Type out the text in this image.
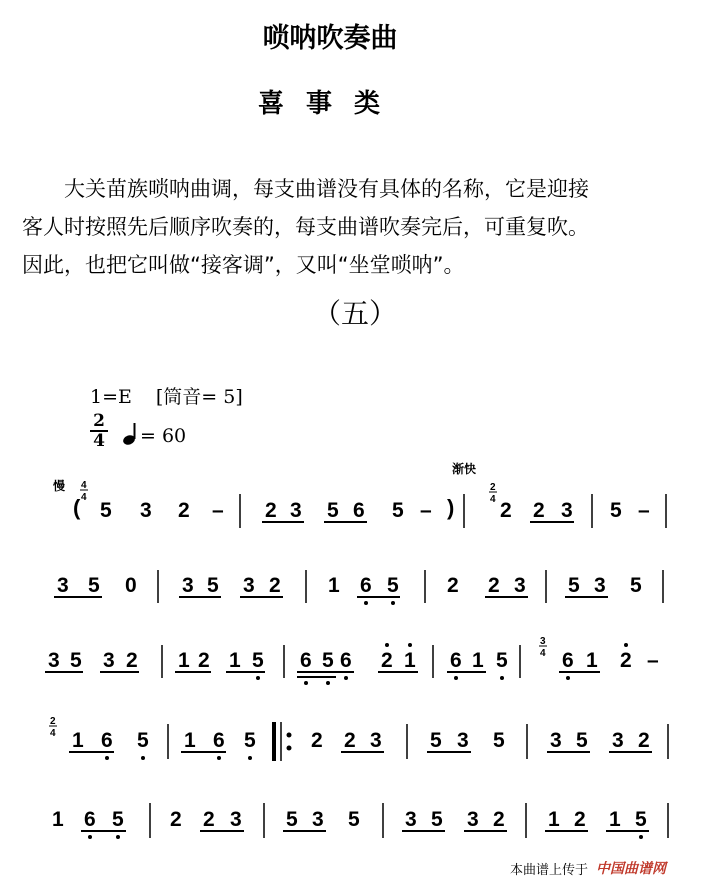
唢呐吹奏曲
喜事类

大关苗族唢呐曲调，每支曲谱没有具体的名称，它是迎接

客人时按照先后顺序吹奏的，每支曲谱吹奏完后，可重复吹。

因此，也把它叫做“接客调”，又叫“坐堂唢呐”。

（五）
1=E [筒音= 5]
2
4	= 60
慢
(
4
4
5 3 2 – 2 3 5 6 5 – )
渐快
2
4 2 2 3 5 –
3 5 0 3 5 3 2 1 6 5 2 2 3 5 3 5
3 5 3 2 1 2 1 5 6 5 6 2 1 6 1 5
3
4 6 1 2 –
2
4 1 6 5 1 6 5	2 2 3 5 3 5 3 5 3 2
1 6 5 2 2 3 5 3 5 3 5 3 2 1 2 1 5
本曲谱上传于 中国曲谱网
